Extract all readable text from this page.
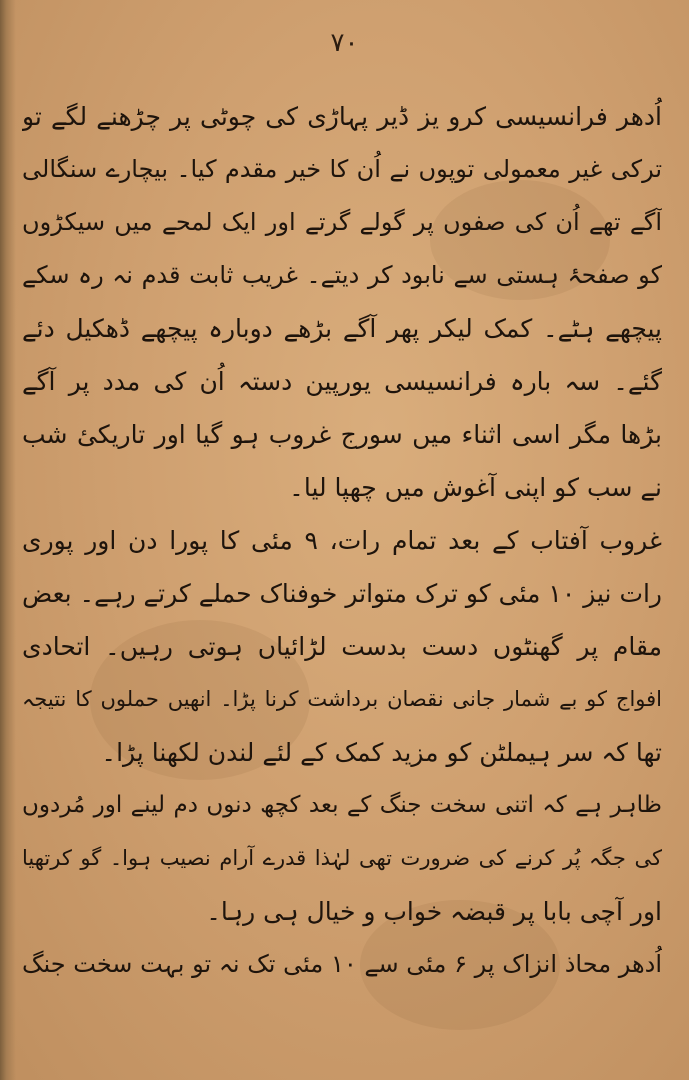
۷۰
اُدھر فرانسیسی کرو یز ڈیر پہاڑی کی چوٹی پر چڑھنے لگے تو
ترکی غیر معمولی توپوں نے اُن کا خیر مقدم کیا۔ بیچارے سنگالی
آگے تھے اُن کی صفوں پر گولے گرتے اور ایک لمحے میں سیکڑوں
کو صفحۂ ہستی سے نابود کر دیتے۔ غریب ثابت قدم نہ رہ سکے
پیچھے ہٹے۔ کمک لیکر پھر آگے بڑھے دوبارہ پیچھے ڈھکیل دئے
گئے۔ سہ بارہ فرانسیسی یورپین دستہ اُن کی مدد پر آگے
بڑھا مگر اسی اثناء میں سورج غروب ہو گیا اور تاریکیٔ شب
نے سب کو اپنی آغوش میں چھپا لیا۔
غروب آفتاب کے بعد تمام رات، ۹ مئی کا پورا دن اور پوری
رات نیز ۱۰ مئی کو ترک متواتر خوفناک حملے کرتے رہے۔ بعض
مقام پر گھنٹوں دست بدست لڑائیاں ہوتی رہیں۔ اتحادی
افواج کو بے شمار جانی نقصان برداشت کرنا پڑا۔ انھیں حملوں کا نتیجہ
تھا کہ سر ہیملٹن کو مزید کمک کے لئے لندن لکھنا پڑا۔
ظاہر ہے کہ اتنی سخت جنگ کے بعد کچھ دنوں دم لینے اور مُردوں
کی جگہ پُر کرنے کی ضرورت تھی لہٰذا قدرے آرام نصیب ہوا۔ گو کرتھیا
اور آچی بابا پر قبضہ خواب و خیال ہی رہا۔
اُدھر محاذ انزاک پر ۶ مئی سے ۱۰ مئی تک نہ تو بہت سخت جنگ
